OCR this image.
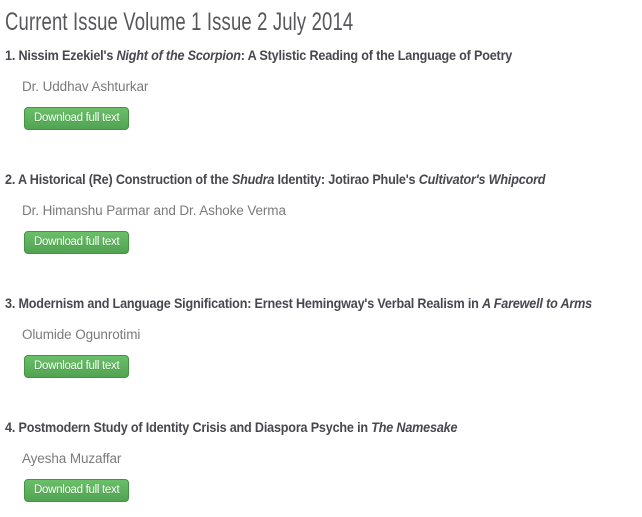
Current Issue Volume 1 Issue 2 July 2014
1. Nissim Ezekiel's Night of the Scorpion: A Stylistic Reading of the Language of Poetry

Dr. Uddhav Ashturkar

Download full text
2. A Historical (Re) Construction of the Shudra Identity: Jotirao Phule's Cultivator's Whipcord

Dr. Himanshu Parmar and Dr. Ashoke Verma

Download full text
3. Modernism and Language Signification: Ernest Hemingway's Verbal Realism in A Farewell to Arms

Olumide Ogunrotimi

Download full text
4. Postmodern Study of Identity Crisis and Diaspora Psyche in The Namesake

Ayesha Muzaffar

Download full text
